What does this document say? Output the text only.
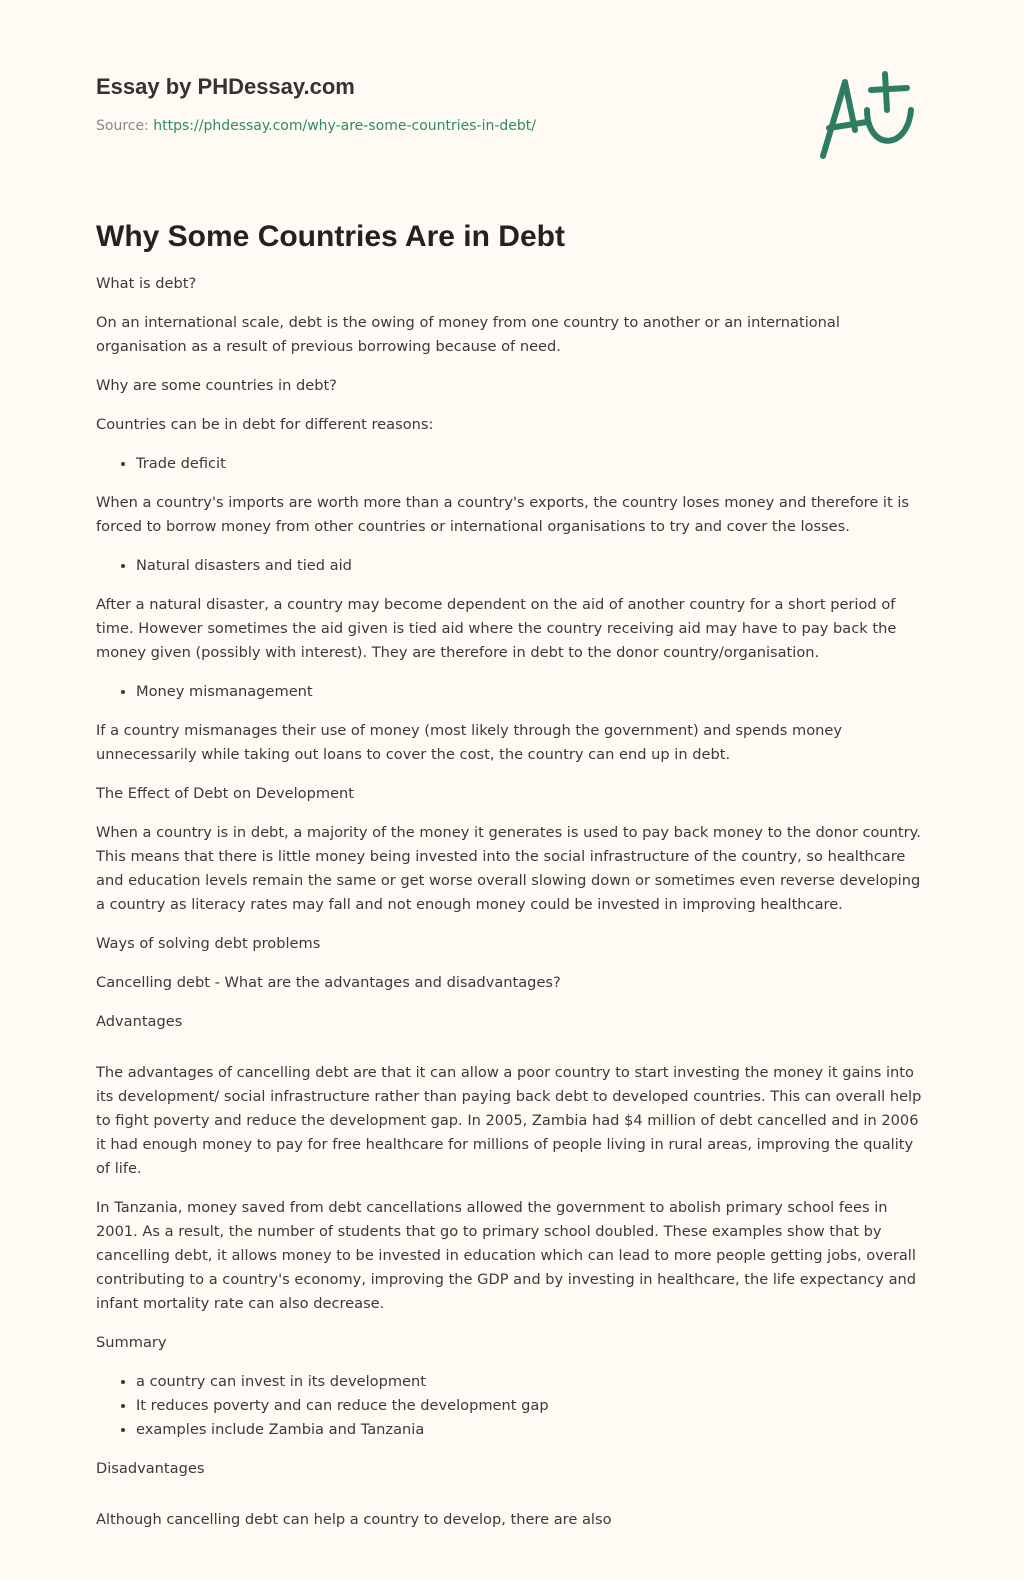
Essay by PHDessay.com
Source: https://phdessay.com/why-are-some-countries-in-debt/
Why Some Countries Are in Debt

What is debt?

On an international scale, debt is the owing of money from one country to another or an international organisation as a result of previous borrowing because of need.

Why are some countries in debt?

Countries can be in debt for different reasons:

• Trade deficit

When a country's imports are worth more than a country's exports, the country loses money and therefore it is forced to borrow money from other countries or international organisations to try and cover the losses.

• Natural disasters and tied aid

After a natural disaster, a country may become dependent on the aid of another country for a short period of time. However sometimes the aid given is tied aid where the country receiving aid may have to pay back the money given (possibly with interest). They are therefore in debt to the donor country/organisation.

• Money mismanagement

If a country mismanages their use of money (most likely through the government) and spends money unnecessarily while taking out loans to cover the cost, the country can end up in debt.

The Effect of Debt on Development

When a country is in debt, a majority of the money it generates is used to pay back money to the donor country. This means that there is little money being invested into the social infrastructure of the country, so healthcare and education levels remain the same or get worse overall slowing down or sometimes even reverse developing a country as literacy rates may fall and not enough money could be invested in improving healthcare.

Ways of solving debt problems

Cancelling debt - What are the advantages and disadvantages?

Advantages

The advantages of cancelling debt are that it can allow a poor country to start investing the money it gains into its development/ social infrastructure rather than paying back debt to developed countries. This can overall help to fight poverty and reduce the development gap. In 2005, Zambia had $4 million of debt cancelled and in 2006 it had enough money to pay for free healthcare for millions of people living in rural areas, improving the quality of life.

In Tanzania, money saved from debt cancellations allowed the government to abolish primary school fees in 2001. As a result, the number of students that go to primary school doubled. These examples show that by cancelling debt, it allows money to be invested in education which can lead to more people getting jobs, overall contributing to a country's economy, improving the GDP and by investing in healthcare, the life expectancy and infant mortality rate can also decrease.

Summary

• a country can invest in its development
• It reduces poverty and can reduce the development gap
• examples include Zambia and Tanzania

Disadvantages

Although cancelling debt can help a country to develop, there are also
